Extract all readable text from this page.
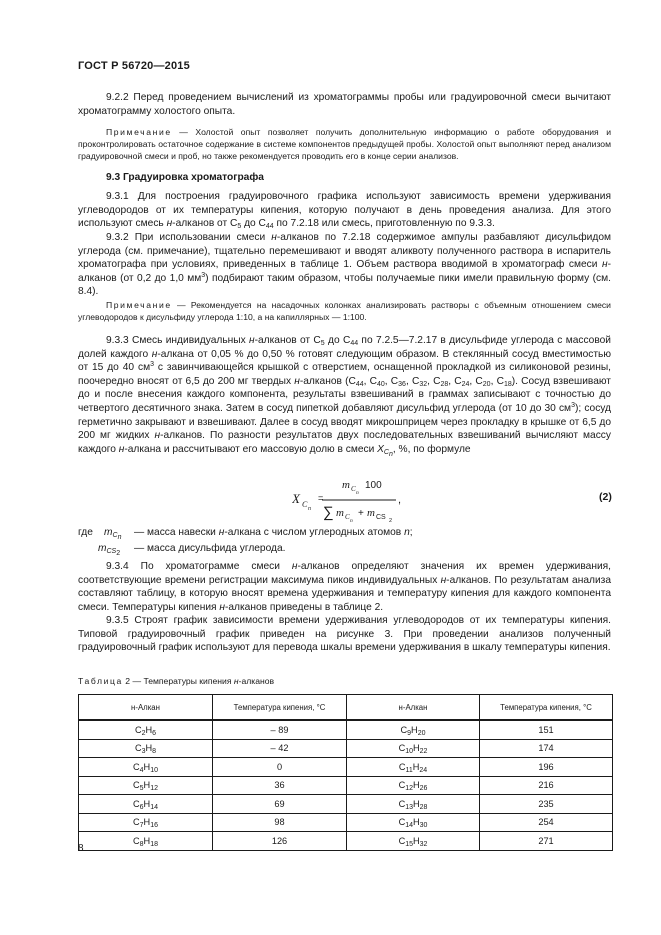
ГОСТ Р 56720—2015

9.2.2 Перед проведением вычислений из хроматограммы пробы или градуировочной смеси вычитают хроматограмму холостого опыта.

Примечание — Холостой опыт позволяет получить дополнительную информацию о работе оборудования и проконтролировать остаточное содержание в системе компонентов предыдущей пробы. Холостой опыт выполняют перед анализом градуировочной смеси и проб, но также рекомендуется проводить его в конце серии анализов.

9.3 Градуировка хроматографа

9.3.1 Для построения градуировочного графика используют зависимость времени удерживания углеводородов от их температуры кипения, которую получают в день проведения анализа. Для этого используют смесь н-алканов от $C_5$ до $C_{44}$ по 7.2.18 или смесь, приготовленную по 9.3.3.

9.3.2 При использовании смеси н-алканов по 7.2.18 содержимое ампулы разбавляют дисульфидом углерода (см. примечание), тщательно перемешивают и вводят аликвоту полученного раствора в испаритель хроматографа при условиях, приведенных в таблице 1. Объем раствора вводимой в хроматограф смеси н-алканов (от 0,2 до 1,0 $мм^3$) подбирают таким образом, чтобы получаемые пики имели правильную форму (см. 8.4).

Примечание — Рекомендуется на насадочных колонках анализировать растворы с объемным отношением смеси углеводородов к дисульфиду углерода 1:10, а на капиллярных — 1:100.

9.3.3 Смесь индивидуальных н-алканов от $C_5$ до $C_{44}$ по 7.2.5—7.2.17 в дисульфиде углерода с массовой долей каждого н-алкана от 0,05 % до 0,50 % готовят следующим образом. В стеклянный сосуд вместимостью от 15 до 40 $см^3$ с завинчивающейся крышкой с отверстием, оснащенной прокладкой из силиконовой резины, поочередно вносят от 6,5 до 200 мг твердых н-алканов ($C_{44}$, $C_{40}$, $C_{36}$, $C_{32}$, $C_{28}$, $C_{24}$, $C_{20}$, $C_{18}$). Сосуд взвешивают до и после внесения каждого компонента, результаты взвешиваний в граммах записывают с точностью до четвертого десятичного знака. Затем в сосуд пипеткой добавляют дисульфид углерода (от 10 до 30 $см^3$); сосуд герметично закрывают и взвешивают. Далее в сосуд вводят микрошприцем через прокладку в крышке от 6,5 до 200 мг жидких н-алканов. По разности результатов двух последовательных взвешиваний вычисляют массу каждого н-алкана и рассчитывают его массовую долю в смеси $X_{C_n}$, %, по формуле

X C n
m C n
m C n
m
=
100
∑ + CS 2
,	(2)
где $m_{C_n}$ — масса навески н-алкана с числом углеродных атомов n;
$m_{CS_2}$ — масса дисульфида углерода.

9.3.4 По хроматограмме смеси н-алканов определяют значения их времен удерживания, соответствующие времени регистрации максимума пиков индивидуальных н-алканов. По результатам анализа составляют таблицу, в которую вносят времена удерживания и температуру кипения для каждого компонента смеси. Температуры кипения н-алканов приведены в таблице 2.

9.3.5 Строят график зависимости времени удерживания углеводородов от их температуры кипения. Типовой градуировочный график приведен на рисунке 3. При проведении анализов полученный градуировочный график используют для перевода шкалы времени удерживания в шкалу температуры кипения.

Таблица 2 — Температуры кипения н-алканов
н-Алкан	Температура кипения, °С	н-Алкан	Температура кипения, °С
$C_2H_6$	– 89	$C_9H_{20}$	151
$C_3H_8$	– 42	$C_{10}H_{22}$	174
$C_4H_{10}$	0	$C_{11}H_{24}$	196
$C_5H_{12}$	36	$C_{12}H_{26}$	216
$C_6H_{14}$	69	$C_{13}H_{28}$	235
$C_7H_{16}$	98	$C_{14}H_{30}$	254
$C_8H_{18}$	126	$C_{15}H_{32}$	271
8
